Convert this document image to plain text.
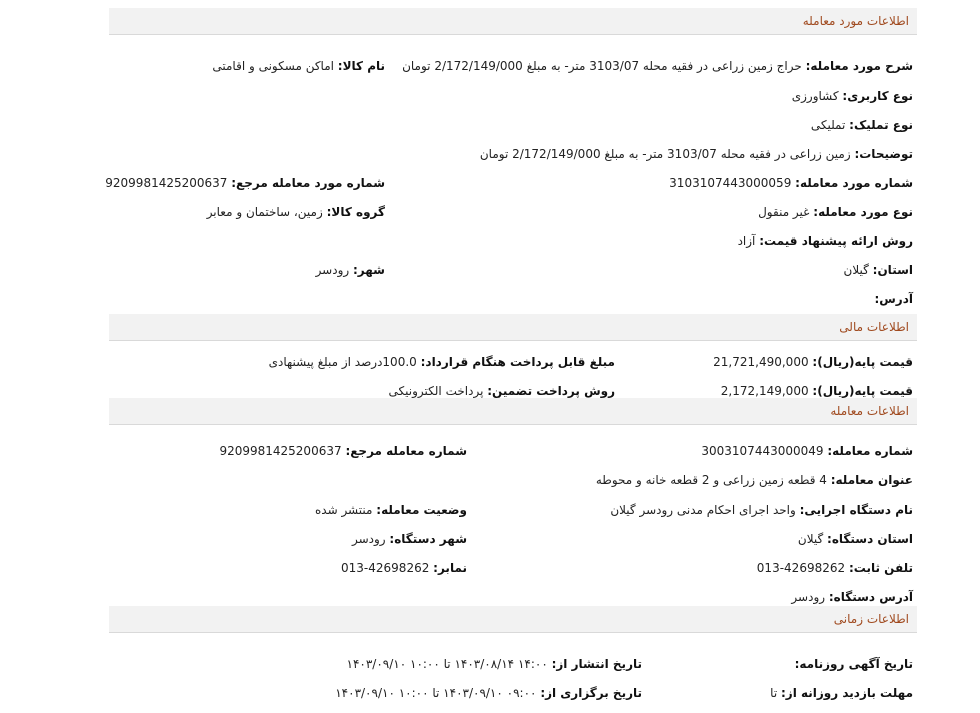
اطلاعات مورد معامله
شرح مورد معامله: حراج زمین زراعی در فقیه محله 3103/07 متر- به مبلغ 2/172/149/000 تومان
نام کالا: اماکن مسکونی و اقامتی
نوع کاربری: کشاورزی
نوع تملیک: تملیکی
توضیحات: زمین زراعی در فقیه محله 3103/07 متر- به مبلغ 2/172/149/000 تومان
شماره مورد معامله: 3103107443000059
شماره مورد معامله مرجع: 9209981425200637
نوع مورد معامله: غیر منقول
گروه کالا: زمین، ساختمان و معابر
روش ارائه پیشنهاد قیمت: آزاد
استان: گیلان
شهر: رودسر
آدرس:
اطلاعات مالی
قیمت پایه(ریال): 21,721,490,000
مبلغ قابل پرداخت هنگام قرارداد: 100.0درصد از مبلغ پیشنهادی
قیمت پایه(ریال): 2,172,149,000
روش پرداخت تضمین: پرداخت الکترونیکی
اطلاعات معامله
شماره معامله: 3003107443000049
شماره معامله مرجع: 9209981425200637
عنوان معامله: 4 قطعه زمین زراعی و 2 قطعه خانه و محوطه
نام دستگاه اجرایی: واحد اجرای احکام مدنی رودسر گیلان
وضعیت معامله: منتشر شده
استان دستگاه: گیلان
شهر دستگاه: رودسر
تلفن ثابت: 42698262-013
نمابر: 42698262-013
آدرس دستگاه: رودسر
اطلاعات زمانی
تاریخ آگهی روزنامه:
تاریخ انتشار از: ۱۴:۰۰ ۱۴۰۳/۰۸/۱۴ تا ۱۰:۰۰ ۱۴۰۳/۰۹/۱۰
مهلت بازدید روزانه از: تا
تاریخ برگزاری از: ۰۹:۰۰ ۱۴۰۳/۰۹/۱۰ تا ۱۰:۰۰ ۱۴۰۳/۰۹/۱۰
